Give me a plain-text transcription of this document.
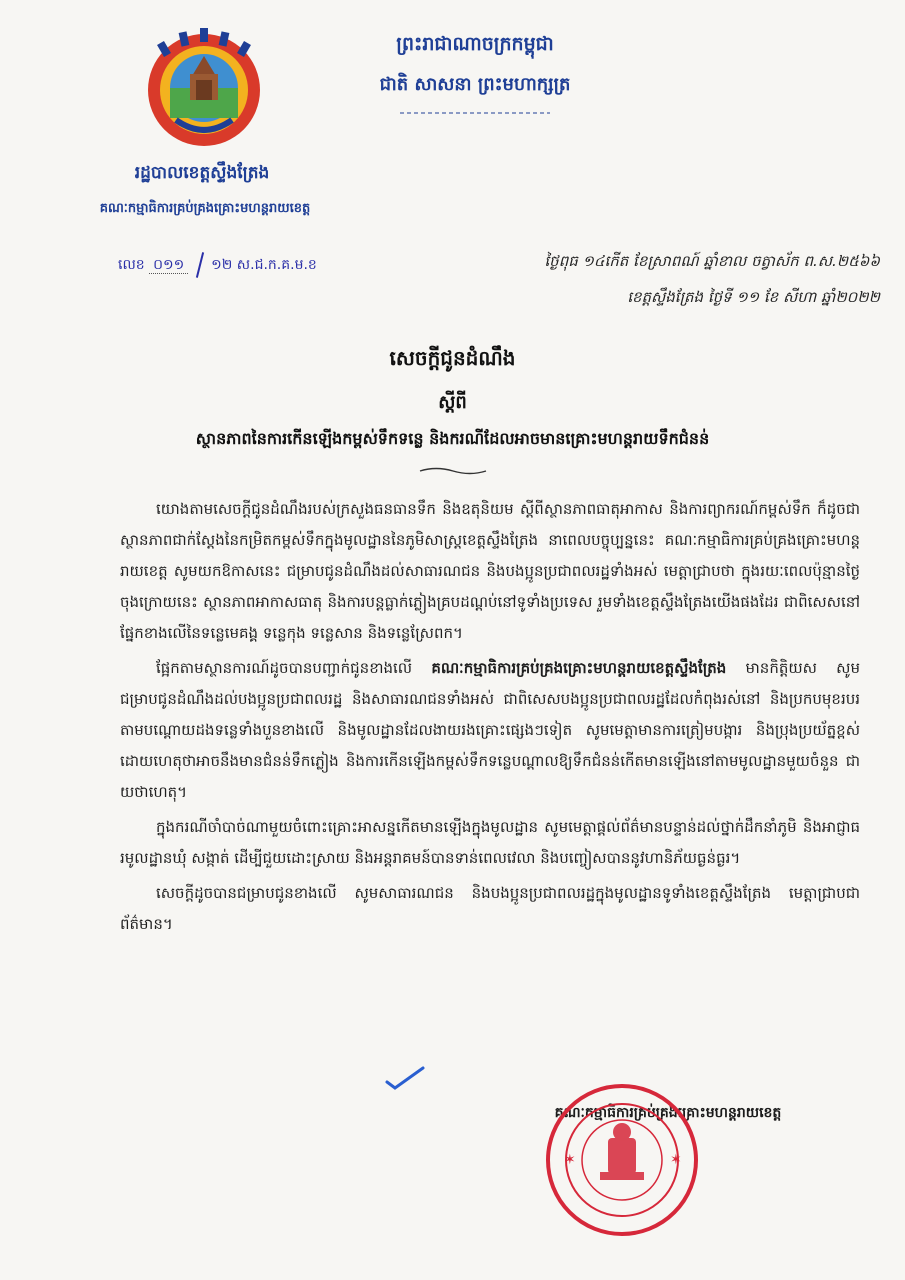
រដ្ឋបាលខេត្តស្ទឹងត្រែង
គណៈកម្មាធិការគ្រប់គ្រងគ្រោះមហន្តរាយខេត្ត
ព្រះរាជាណាចក្រកម្ពុជា
ជាតិ សាសនា ព្រះមហាក្សត្រ
លេខ ០១១ ១២ ស.ជ.ក.គ.ម.ខ	ថ្ងៃពុធ ១៤កើត ខែស្រាពណ៍ ឆ្នាំខាល ចត្វាស័ក ព.ស.២៥៦៦
ខេត្តស្ទឹងត្រែង ថ្ងៃទី ១១ ខែ សីហា ឆ្នាំ២០២២
សេចក្តីជូនដំណឹង
ស្តីពី
ស្ថានភាពនៃការកើនឡើងកម្ពស់ទឹកទន្លេ និងករណីដែលអាចមានគ្រោះមហន្តរាយទឹកជំនន់

យោងតាមសេចក្តីជូនដំណឹងរបស់ក្រសួងធនធានទឹក និងឧតុនិយម ស្តីពីស្ថានភាពធាតុអាកាស និងការព្យាករណ៍កម្ពស់ទឹក ក៏ដូចជាស្ថានភាពជាក់ស្តែងនៃកម្រិតកម្ពស់ទឹកក្នុងមូលដ្ឋាននៃភូមិសាស្ត្រខេត្តស្ទឹងត្រែង នាពេលបច្ចុប្បន្ននេះ គណៈកម្មាធិការគ្រប់គ្រងគ្រោះមហន្តរាយខេត្ត សូមយកឱកាសនេះ ជម្រាបជូនដំណឹងដល់សាធារណជន និងបងប្អូនប្រជាពលរដ្ឋទាំងអស់ មេត្តាជ្រាបថា ក្នុងរយៈពេលប៉ុន្មានថ្ងៃចុងក្រោយនេះ ស្ថានភាពអាកាសធាតុ និងការបន្តធ្លាក់ភ្លៀងគ្របដណ្តប់នៅទូទាំងប្រទេស រួមទាំងខេត្តស្ទឹងត្រែងយើងផងដែរ ជាពិសេសនៅផ្នែកខាងលើនៃទន្លេមេគង្គ ទន្លេកុង ទន្លេសាន និងទន្លេស្រែពក។

ផ្អែកតាមស្ថានការណ៍ដូចបានបញ្ជាក់ជូនខាងលើ គណៈកម្មាធិការគ្រប់គ្រងគ្រោះមហន្តរាយខេត្តស្ទឹងត្រែង មានកិត្តិយស សូមជម្រាបជូនដំណឹងដល់បងប្អូនប្រជាពលរដ្ឋ និងសាធារណជនទាំងអស់ ជាពិសេសបងប្អូនប្រជាពលរដ្ឋដែលកំពុងរស់នៅ និងប្រកបមុខរបរតាមបណ្តោយដងទន្លេទាំងបួនខាងលើ និងមូលដ្ឋានដែលងាយរងគ្រោះផ្សេងៗទៀត សូមមេត្តាមានការត្រៀមបង្ការ និងប្រុងប្រយ័ត្នខ្ពស់ ដោយហេតុថាអាចនឹងមានជំនន់ទឹកភ្លៀង និងការកើនឡើងកម្ពស់ទឹកទន្លេបណ្តាលឱ្យទឹកជំនន់កើតមានឡើងនៅតាមមូលដ្ឋានមួយចំនួន ជាយថាហេតុ។

ក្នុងករណីចាំបាច់ណាមួយចំពោះគ្រោះអាសន្នកើតមានឡើងក្នុងមូលដ្ឋាន សូមមេត្តាផ្តល់ព័ត៌មានបន្ទាន់ដល់ថ្នាក់ដឹកនាំភូមិ និងអាជ្ញាធរមូលដ្ឋានឃុំ សង្កាត់ ដើម្បីជួយដោះស្រាយ និងអន្តរាគមន៍បានទាន់ពេលវេលា និងបញ្ចៀសបាននូវហានិភ័យធ្ងន់ធ្ងរ។

សេចក្តីដូចបានជម្រាបជូនខាងលើ សូមសាធារណជន និងបងប្អូនប្រជាពលរដ្ឋក្នុងមូលដ្ឋានទូទាំងខេត្តស្ទឹងត្រែង មេត្តាជ្រាបជាព័ត៌មាន។

គណៈកម្មាធិការគ្រប់គ្រងគ្រោះមហន្តរាយខេត្ត
✶	✶
